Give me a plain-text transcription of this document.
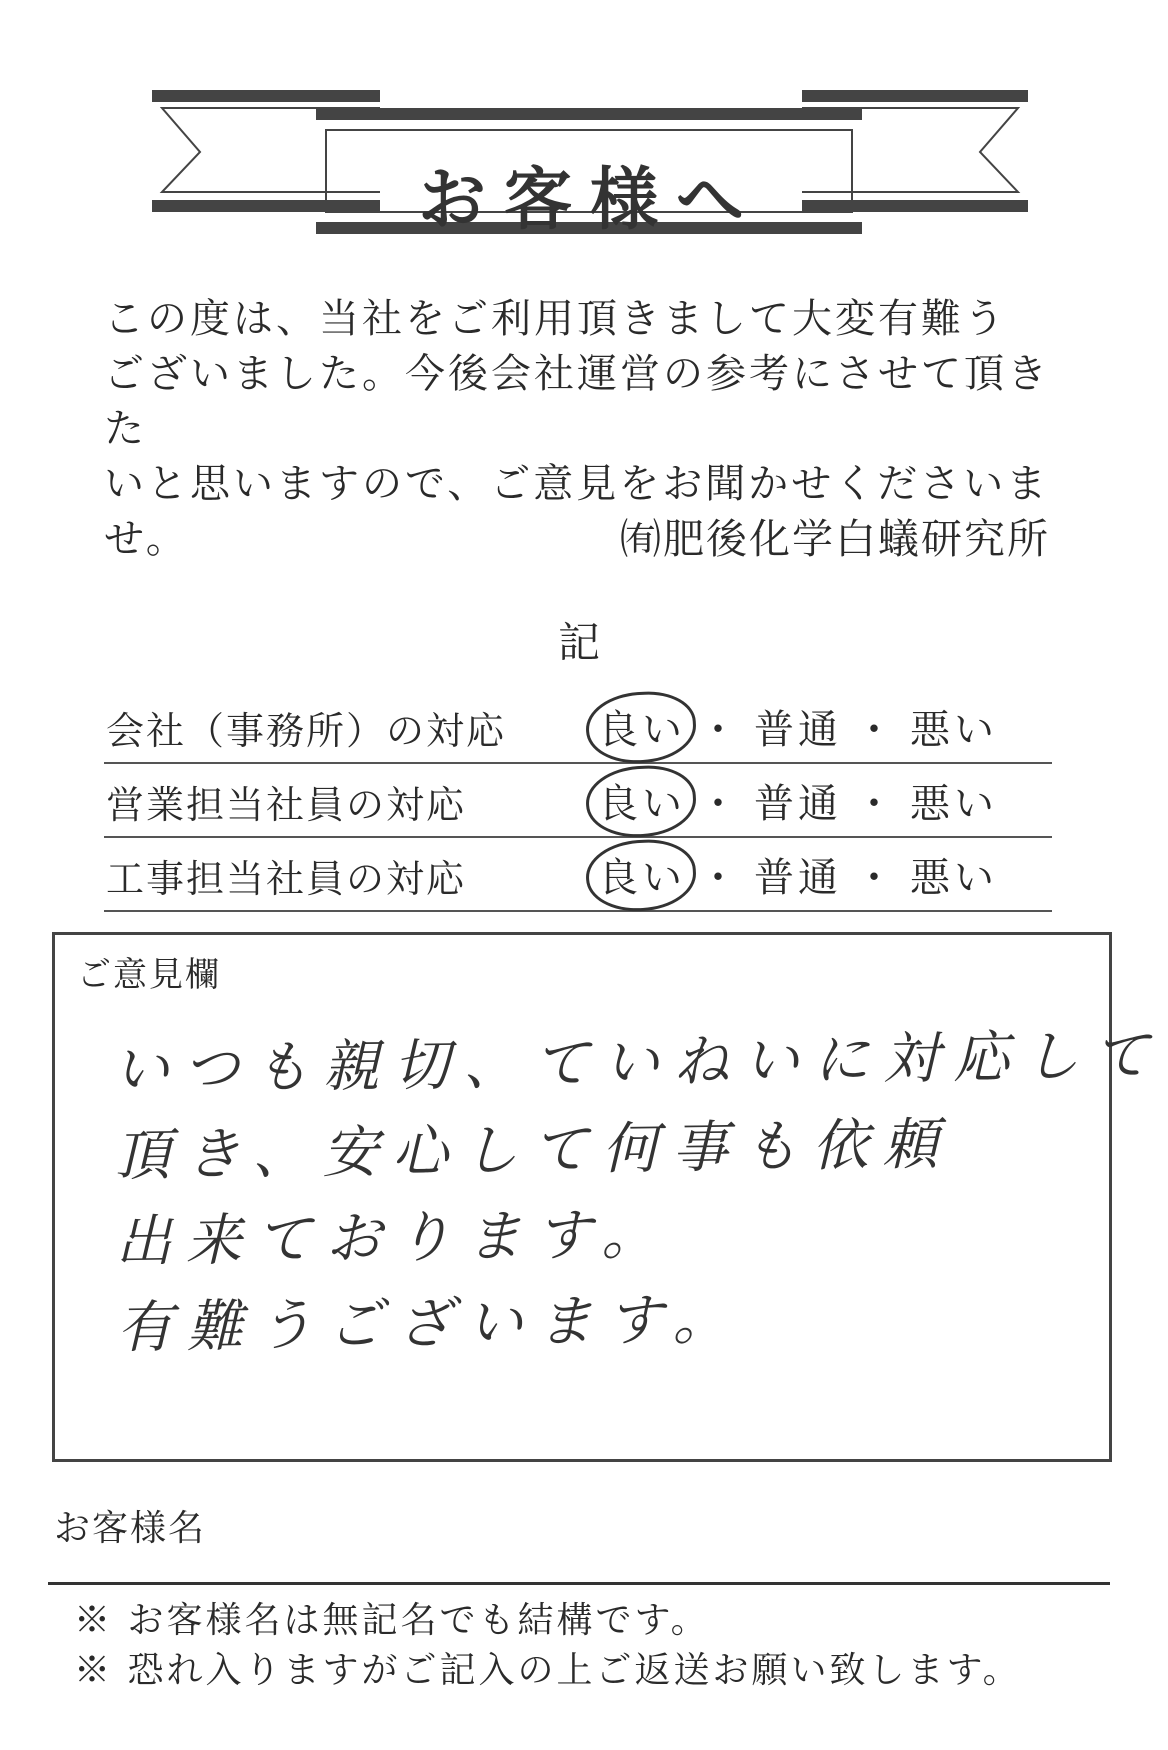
お客様へ

この度は、当社をご利用頂きまして大変有難う

ございました。今後会社運営の参考にさせて頂きた

いと思いますので、ご意見をお聞かせくださいませ。	㈲肥後化学白蟻研究所
記
会社（事務所）の対応 良い ・ 普通 ・ 悪い
営業担当社員の対応	良い ・ 普通 ・ 悪い
工事担当社員の対応	良い ・ 普通 ・ 悪い
ご意見欄
いつも親切、ていねいに対応して
頂き、安心して何事も依頼
出来ております。
有難うございます。
お客様名
※ お客様名は無記名でも結構です。
※ 恐れ入りますがご記入の上ご返送お願い致します。
